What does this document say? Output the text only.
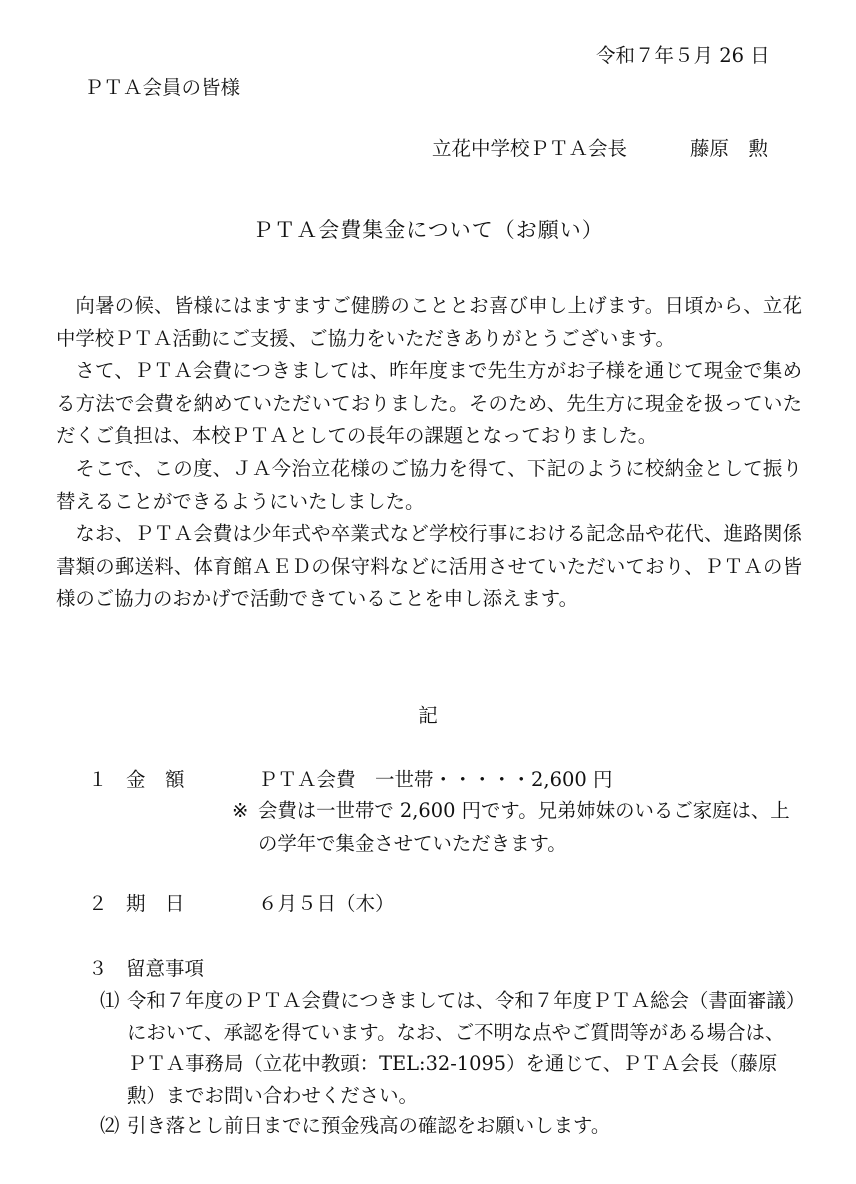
令和７年５月 26 日
ＰＴＡ会員の皆様
立花中学校ＰＴＡ会長	藤原　勲
ＰＴＡ会費集金について（お願い）

向暑の候、皆様にはますますご健勝のこととお喜び申し上げます。日頃から、立花中学校ＰＴＡ活動にご支援、ご協力をいただきありがとうございます。

さて、ＰＴＡ会費につきましては、昨年度まで先生方がお子様を通じて現金で集める方法で会費を納めていただいておりました。そのため、先生方に現金を扱っていただくご負担は、本校ＰＴＡとしての長年の課題となっておりました。

そこで、この度、ＪＡ今治立花様のご協力を得て、下記のように校納金として振り替えることができるようにいたしました。

なお、ＰＴＡ会費は少年式や卒業式など学校行事における記念品や花代、進路関係書類の郵送料、体育館ＡＥＤの保守料などに活用させていただいており、ＰＴＡの皆様のご協力のおかげで活動できていることを申し添えます。

記
１ 金　額	ＰＴＡ会費　一世帯・・・・・2,600 円
※ 会費は一世帯で 2,600 円です。兄弟姉妹のいるご家庭は、上の学年で集金させていただきます。
２ 期　日	６月５日（木）
３ 留意事項
⑴ 令和７年度のＰＴＡ会費につきましては、令和７年度ＰＴＡ総会（書面審議）において、承認を得ています。なお、ご不明な点やご質問等がある場合は、ＰＴＡ事務局（立花中教頭：TEL:32-1095）を通じて、ＰＴＡ会長（藤原勲）までお問い合わせください。
⑵ 引き落とし前日までに預金残高の確認をお願いします。
